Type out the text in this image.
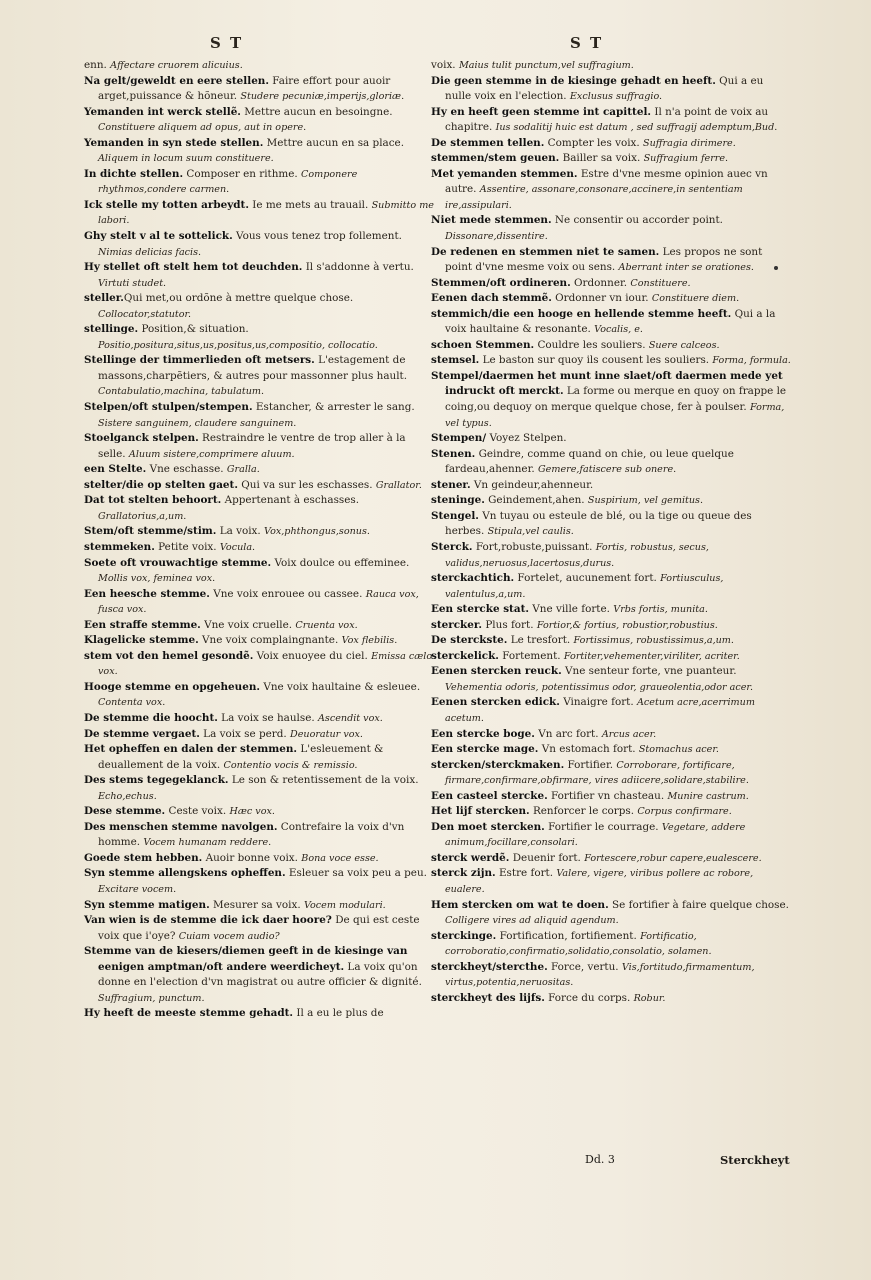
S T	S T

enn. Affectare cruorem alicuius.

Na gelt/geweldt en eere stellen. Faire effort pour auoir arget,puissance & hõneur. Studere pecuniæ,imperijs,gloriæ.

Yemanden int werck stellẽ. Mettre aucun en besoingne. Constituere aliquem ad opus, aut in opere.

Yemanden in syn stede stellen. Mettre aucun en sa place. Aliquem in locum suum constituere.

In dichte stellen. Composer en rithme. Componere rhythmos,condere carmen.

Ick stelle my totten arbeydt. Ie me mets au trauail. Submitto me labori.

Ghy stelt v al te sottelick. Vous vous tenez trop follement. Nimias delicias facis.

Hy stellet oft stelt hem tot deuchden. Il s'addonne à vertu. Virtuti studet.

steller.Qui met,ou ordõne à mettre quelque chose. Collocator,statutor.

stellinge. Position,& situation. Positio,positura,situs,us,positus,us,compositio, collocatio.

Stellinge der timmerlieden oft metsers. L'estagement de massons,charpẽtiers, & autres pour massonner plus hault. Contabulatio,machina, tabulatum.

Stelpen/oft stulpen/stempen. Estancher, & arrester le sang. Sistere sanguinem, claudere sanguinem.

Stoelganck stelpen. Restraindre le ventre de trop aller à la selle. Aluum sistere,comprimere aluum.

een Stelte. Vne eschasse. Gralla.

stelter/die op stelten gaet. Qui va sur les eschasses. Grallator.

Dat tot stelten behoort. Appertenant à eschasses. Grallatorius,a,um.

Stem/oft stemme/stim. La voix. Vox,phthongus,sonus.

stemmeken. Petite voix. Vocula.

Soete oft vrouwachtige stemme. Voix doulce ou effeminee. Mollis vox, feminea vox.

Een heesche stemme. Vne voix enrouee ou cassee. Rauca vox, fusca vox.

Een straffe stemme. Vne voix cruelle. Cruenta vox.

Klagelicke stemme. Vne voix complaingnante. Vox flebilis.

stem vot den hemel gesondẽ. Voix enuoyee du ciel. Emissa cælo vox.

Hooge stemme en opgeheuen. Vne voix haultaine & esleuee. Contenta vox.

De stemme die hoocht. La voix se haulse. Ascendit vox.

De stemme vergaet. La voix se perd. Deuoratur vox.

Het opheffen en dalen der stemmen. L'esleuement & deuallement de la voix. Contentio vocis & remissio.

Des stems tegegeklanck. Le son & retentissement de la voix. Echo,echus.

Dese stemme. Ceste voix. Hæc vox.

Des menschen stemme navolgen. Contrefaire la voix d'vn homme. Vocem humanam reddere.

Goede stem hebben. Auoir bonne voix. Bona voce esse.

Syn stemme allengskens opheffen. Esleuer sa voix peu a peu. Excitare vocem.

Syn stemme matigen. Mesurer sa voix. Vocem modulari.

Van wien is de stemme die ick daer hoore? De qui est ceste voix que i'oye? Cuiam vocem audio?

Stemme van de kiesers/diemen geeft in de kiesinge van eenigen amptman/oft andere weerdicheyt. La voix qu'on donne en l'election d'vn magistrat ou autre officier & dignité. Suffragium, punctum.

Hy heeft de meeste stemme gehadt. Il a eu le plus de

voix. Maius tulit punctum,vel suffragium.

Die geen stemme in de kiesinge gehadt en heeft. Qui a eu nulle voix en l'election. Exclusus suffragio.

Hy en heeft geen stemme int capittel. Il n'a point de voix au chapitre. Ius sodalitij huic est datum , sed suffragij ademptum,Bud.

De stemmen tellen. Compter les voix. Suffragia dirimere.

stemmen/stem geuen. Bailler sa voix. Suffragium ferre.

Met yemanden stemmen. Estre d'vne mesme opinion auec vn autre. Assentire, assonare,consonare,accinere,in sententiam ire,assipulari.

Niet mede stemmen. Ne consentir ou accorder point. Dissonare,dissentire.

De redenen en stemmen niet te samen. Les propos ne sont point d'vne mesme voix ou sens. Aberrant inter se orationes.

Stemmen/oft ordineren. Ordonner. Constituere.

Eenen dach stemmẽ. Ordonner vn iour. Constituere diem.

stemmich/die een hooge en hellende stemme heeft. Qui a la voix haultaine & resonante. Vocalis, e.

schoen Stemmen. Couldre les souliers. Suere calceos.

stemsel. Le baston sur quoy ils cousent les souliers. Forma, formula.

Stempel/daermen het munt inne slaet/oft daermen mede yet indruckt oft merckt. La forme ou merque en quoy on frappe le coing,ou dequoy on merque quelque chose, fer à poulser. Forma, vel typus.

Stempen/ Voyez Stelpen.

Stenen. Geindre, comme quand on chie, ou leue quelque fardeau,ahenner. Gemere,fatiscere sub onere.

stener. Vn geindeur,ahenneur.

steninge. Geindement,ahen. Suspirium, vel gemitus.

Stengel. Vn tuyau ou esteule de blé, ou la tige ou queue des herbes. Stipula,vel caulis.

Sterck. Fort,robuste,puissant. Fortis, robustus, secus, validus,neruosus,lacertosus,durus.

sterckachtich. Fortelet, aucunement fort. Fortiusculus, valentulus,a,um.

Een stercke stat. Vne ville forte. Vrbs fortis, munita.

stercker. Plus fort. Fortior,& fortius, robustior,robustius.

De sterckste. Le tresfort. Fortissimus, robustissimus,a,um.

sterckelick. Fortement. Fortiter,vehementer,viriliter, acriter.

Eenen stercken reuck. Vne senteur forte, vne puanteur. Vehementia odoris, potentissimus odor, graueolentia,odor acer.

Eenen stercken edick. Vinaigre fort. Acetum acre,acerrimum acetum.

Een stercke boge. Vn arc fort. Arcus acer.

Een stercke mage. Vn estomach fort. Stomachus acer.

stercken/sterckmaken. Fortifier. Corroborare, fortificare, firmare,confirmare,obfirmare, vires adiicere,solidare,stabilire.

Een casteel stercke. Fortifier vn chasteau. Munire castrum.

Het lijf stercken. Renforcer le corps. Corpus confirmare.

Den moet stercken. Fortifier le courrage. Vegetare, addere animum,focillare,consolari.

sterck werdẽ. Deuenir fort. Fortescere,robur capere,eualescere.

sterck zijn. Estre fort. Valere, vigere, viribus pollere ac robore, eualere.

Hem stercken om wat te doen. Se fortifier à faire quelque chose. Colligere vires ad aliquid agendum.

sterckinge. Fortification, fortifiement. Fortificatio, corroboratio,confirmatio,solidatio,consolatio, solamen.

sterckheyt/stercthe. Force, vertu. Vis,fortitudo,firmamentum, virtus,potentia,neruositas.

sterckheyt des lijfs. Force du corps. Robur.

Dd. 3	Sterckheyt
